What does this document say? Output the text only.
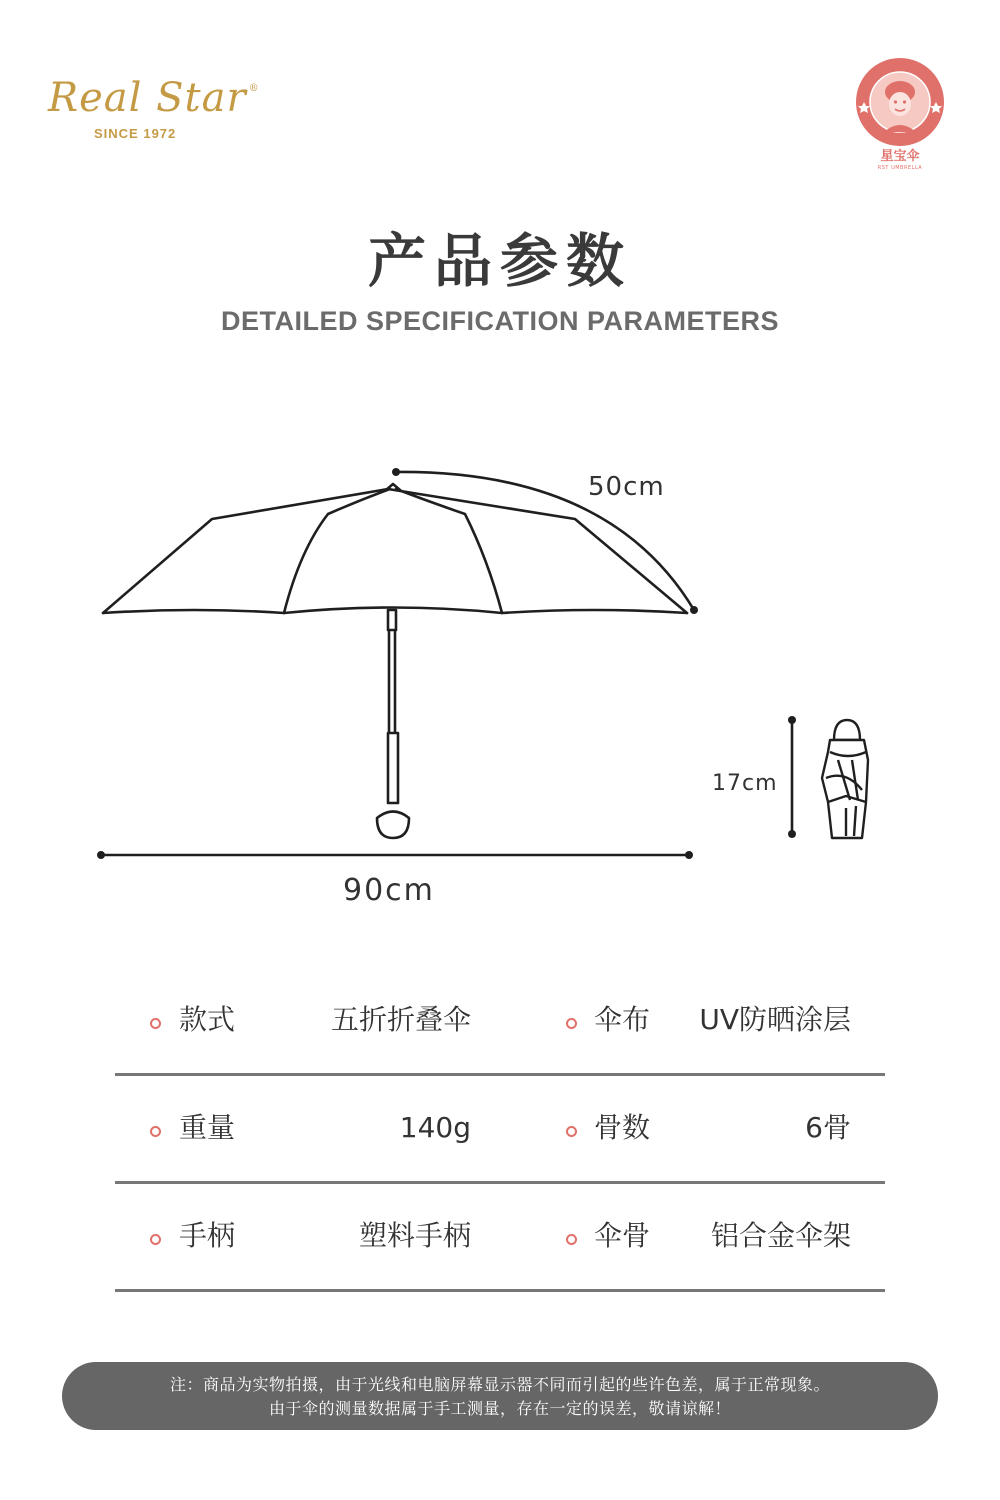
Real Star ®
SINCE 1972
星宝伞
RST UMBRELLA
产品参数
DETAILED SPECIFICATION PARAMETERS
50cm
17cm
90cm
款式	五折折叠伞	伞布 UV防晒涂层
重量	140g	骨数	6骨
手柄	塑料手柄	伞骨 铝合金伞架
注：商品为实物拍摄，由于光线和电脑屏幕显示器不同而引起的些许色差，属于正常现象。
由于伞的测量数据属于手工测量，存在一定的误差，敬请谅解！
